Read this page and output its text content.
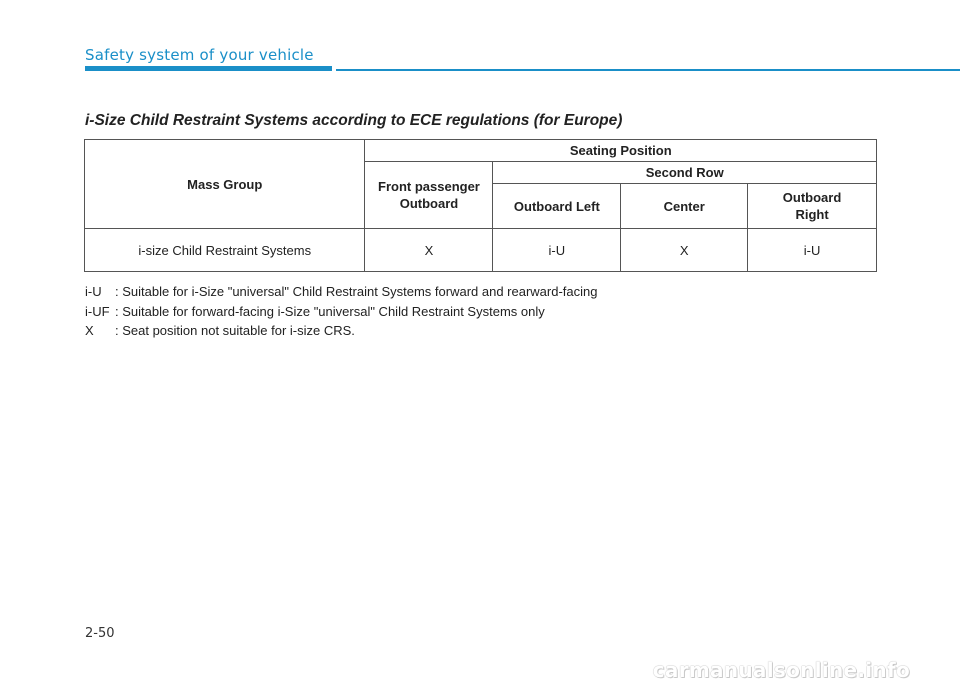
Safety system of your vehicle
i-Size Child Restraint Systems according to ECE regulations (for Europe)
Mass Group	Seating Position			
	Front passenger Outboard	Second Row		
		Outboard Left	Center	Outboard Right
i-size Child Restraint Systems	X	i-U	X	i-U
i-U	: Suitable for i-Size "universal" Child Restraint Systems forward and rearward-facing
i-UF : Suitable for forward-facing i-Size "universal" Child Restraint Systems only
X	: Seat position not suitable for i-size CRS.
2-50
carmanualsonline.info
